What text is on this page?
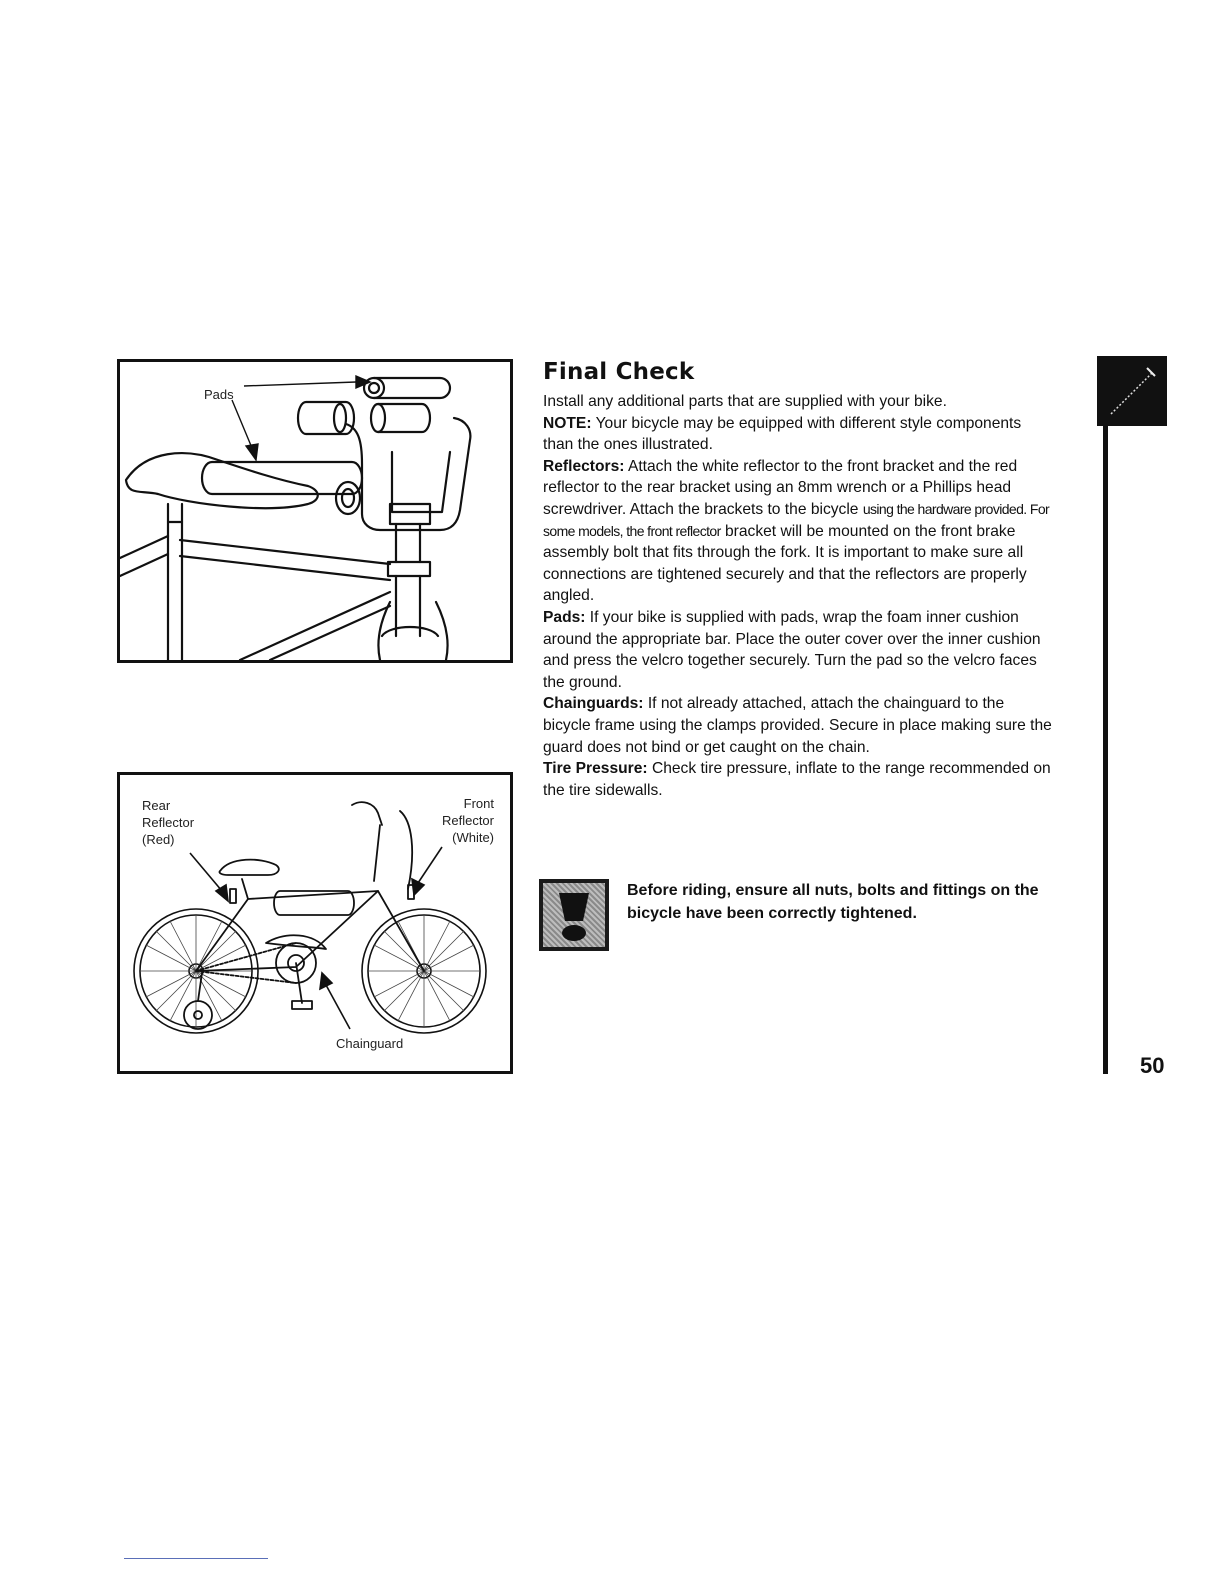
Pads
Rear
Reflector
(Red)
Front
Reflector
(White)
Chainguard
Final Check

Install any additional parts that are supplied with your bike.

NOTE: Your bicycle may be equipped with different style components than the ones illustrated.

Reflectors: Attach the white reflector to the front bracket and the red reflector to the rear bracket using an 8mm wrench or a Phillips head screwdriver. Attach the brackets to the bicycle using the hardware provided. For some models, the front reflector bracket will be mounted on the front brake assembly bolt that fits through the fork. It is important to make sure all connections are tightened securely and that the reflectors are properly angled.

Pads: If your bike is supplied with pads, wrap the foam inner cushion around the appropriate bar. Place the outer cover over the inner cushion and press the velcro together securely. Turn the pad so the velcro faces the ground.

Chainguards: If not already attached, attach the chainguard to the bicycle frame using the clamps provided. Secure in place making sure the guard does not bind or get caught on the chain.

Tire Pressure: Check tire pressure, inflate to the range recommended on the tire sidewalls.

Before riding, ensure all nuts, bolts and fittings on the bicycle have been correctly tightened.
50
